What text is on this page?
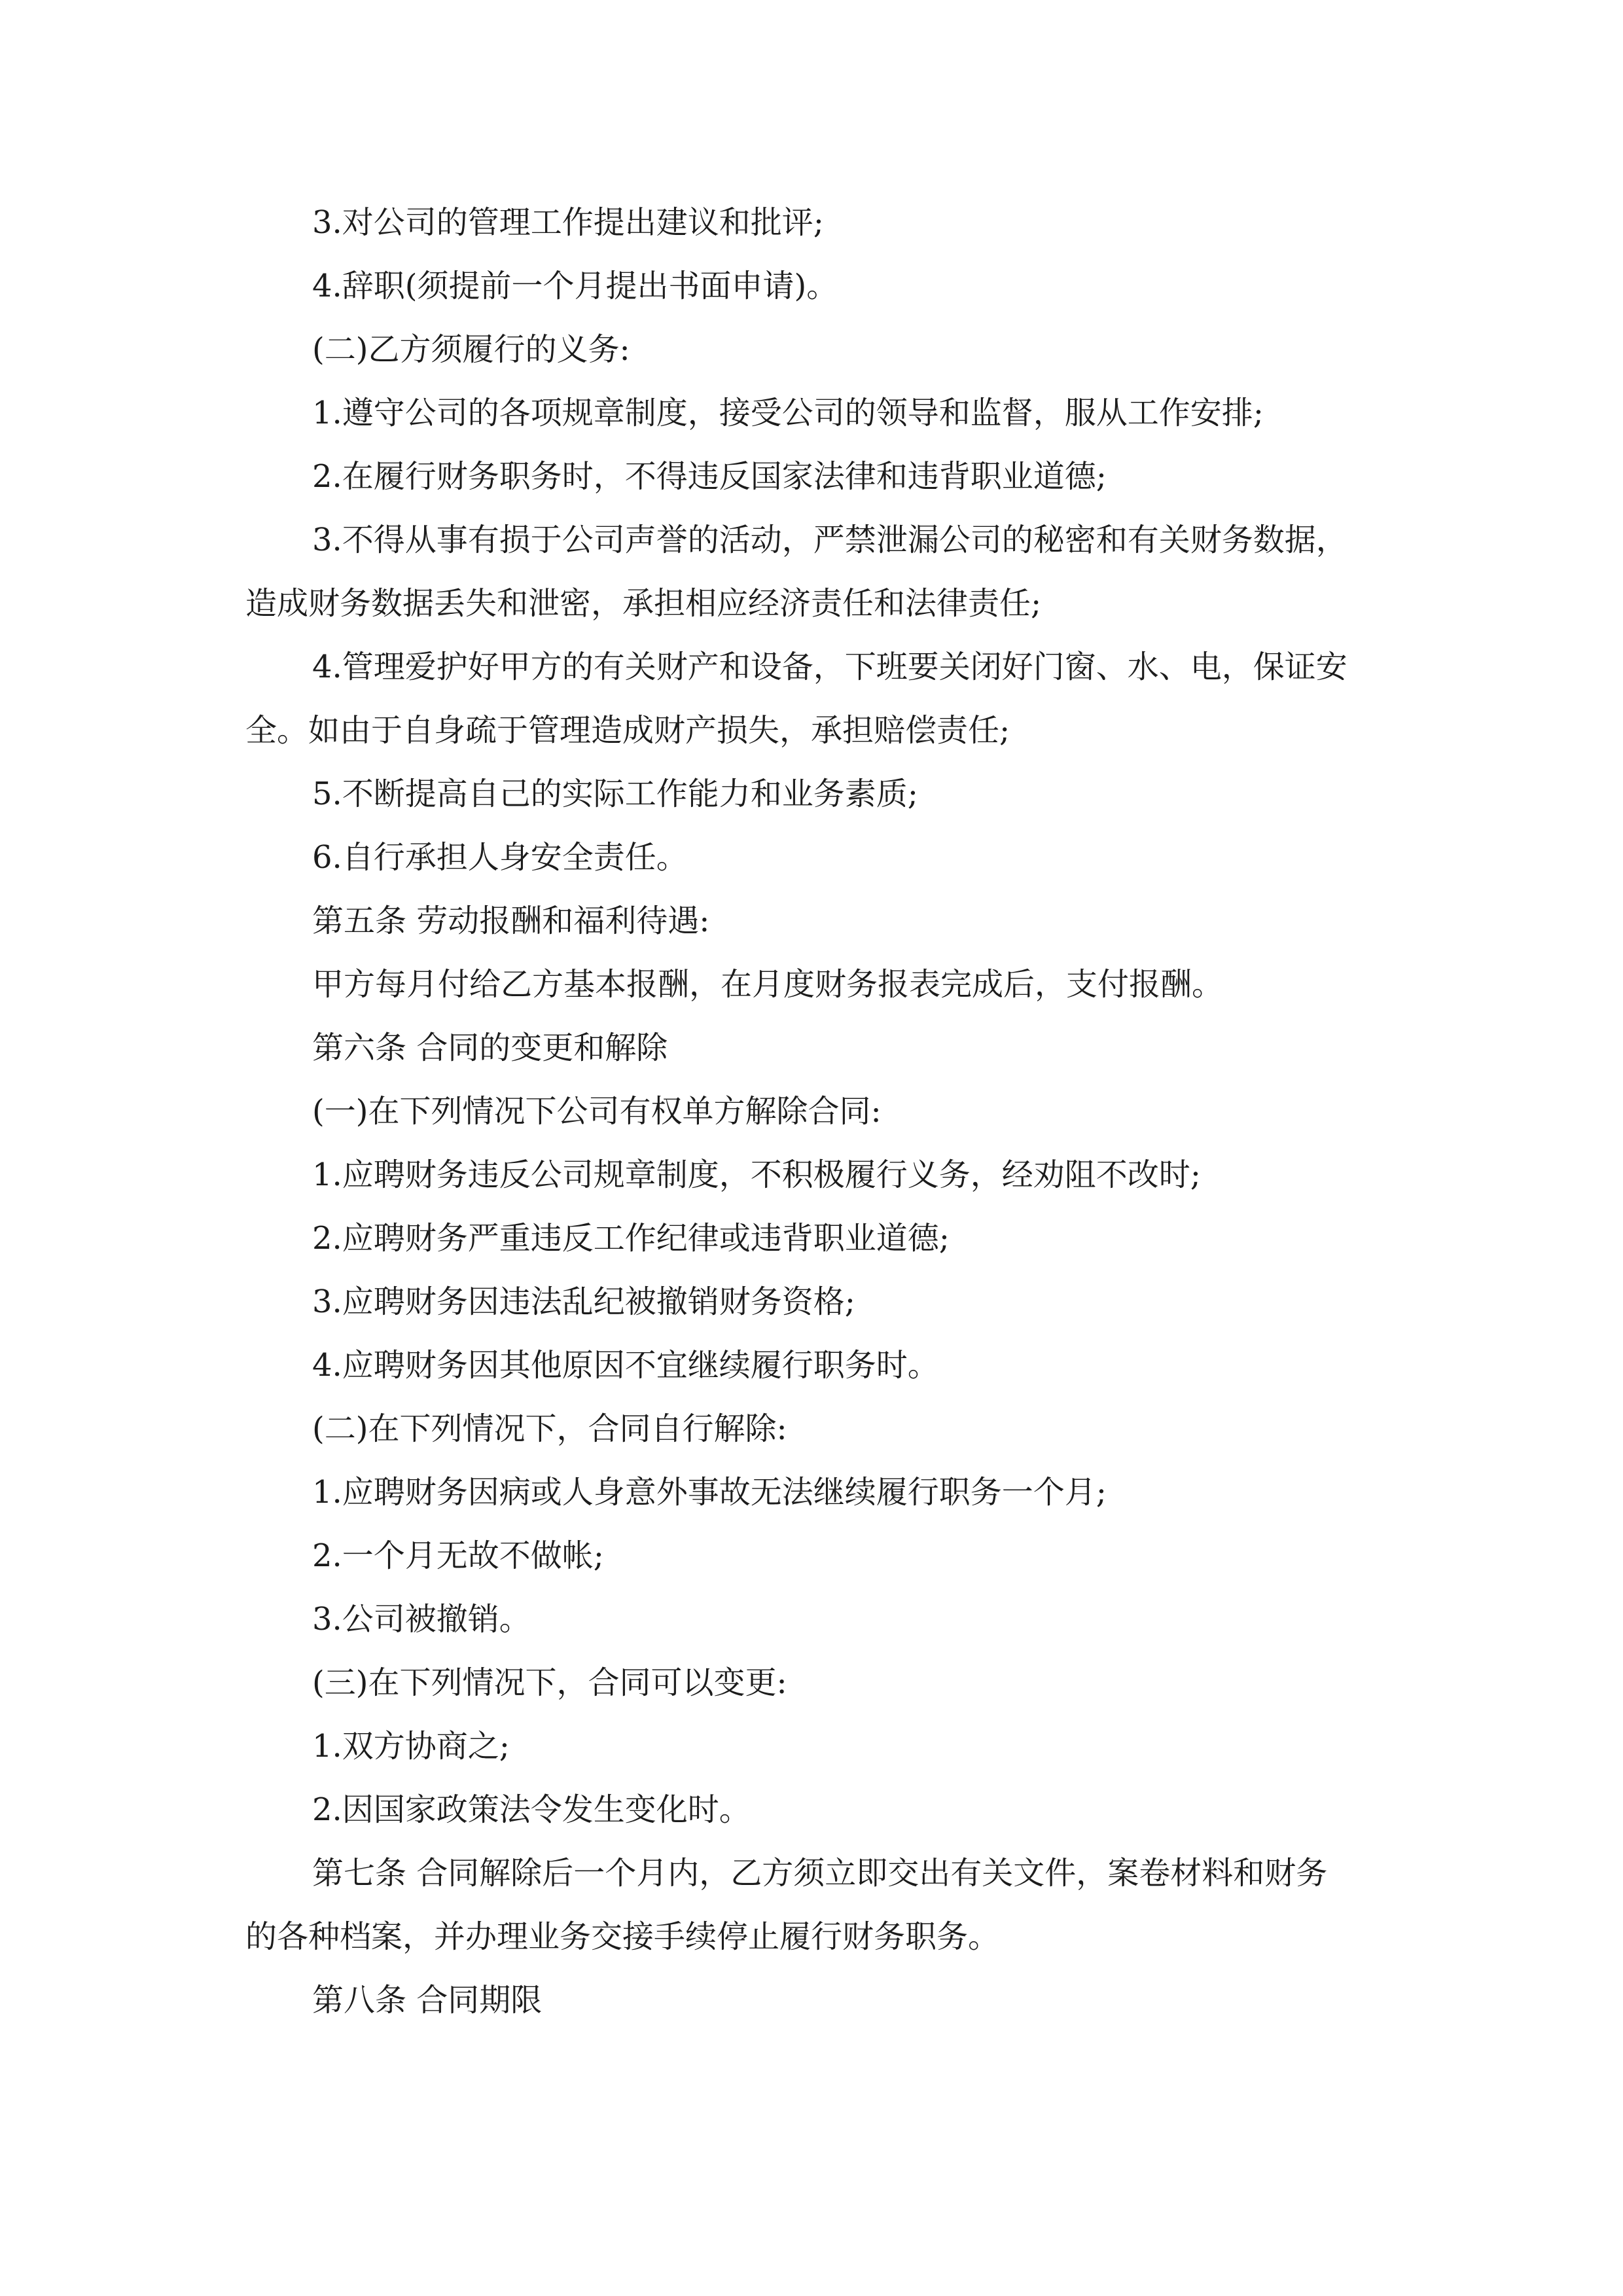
3.对公司的管理工作提出建议和批评;
4.辞职(须提前一个月提出书面申请)。
(二)乙方须履行的义务:
1.遵守公司的各项规章制度，接受公司的领导和监督，服从工作安排;
2.在履行财务职务时，不得违反国家法律和违背职业道德;
3.不得从事有损于公司声誉的活动，严禁泄漏公司的秘密和有关财务数据，
造成财务数据丢失和泄密，承担相应经济责任和法律责任;
4.管理爱护好甲方的有关财产和设备，下班要关闭好门窗、水、电，保证安
全。如由于自身疏于管理造成财产损失，承担赔偿责任;
5.不断提高自己的实际工作能力和业务素质;
6.自行承担人身安全责任。
第五条 劳动报酬和福利待遇:
甲方每月付给乙方基本报酬，在月度财务报表完成后，支付报酬。
第六条 合同的变更和解除
(一)在下列情况下公司有权单方解除合同:
1.应聘财务违反公司规章制度，不积极履行义务，经劝阻不改时;
2.应聘财务严重违反工作纪律或违背职业道德;
3.应聘财务因违法乱纪被撤销财务资格;
4.应聘财务因其他原因不宜继续履行职务时。
(二)在下列情况下，合同自行解除:
1.应聘财务因病或人身意外事故无法继续履行职务一个月;
2.一个月无故不做帐;
3.公司被撤销。
(三)在下列情况下，合同可以变更:
1.双方协商之;
2.因国家政策法令发生变化时。
第七条 合同解除后一个月内，乙方须立即交出有关文件，案卷材料和财务
的各种档案，并办理业务交接手续停止履行财务职务。
第八条 合同期限
